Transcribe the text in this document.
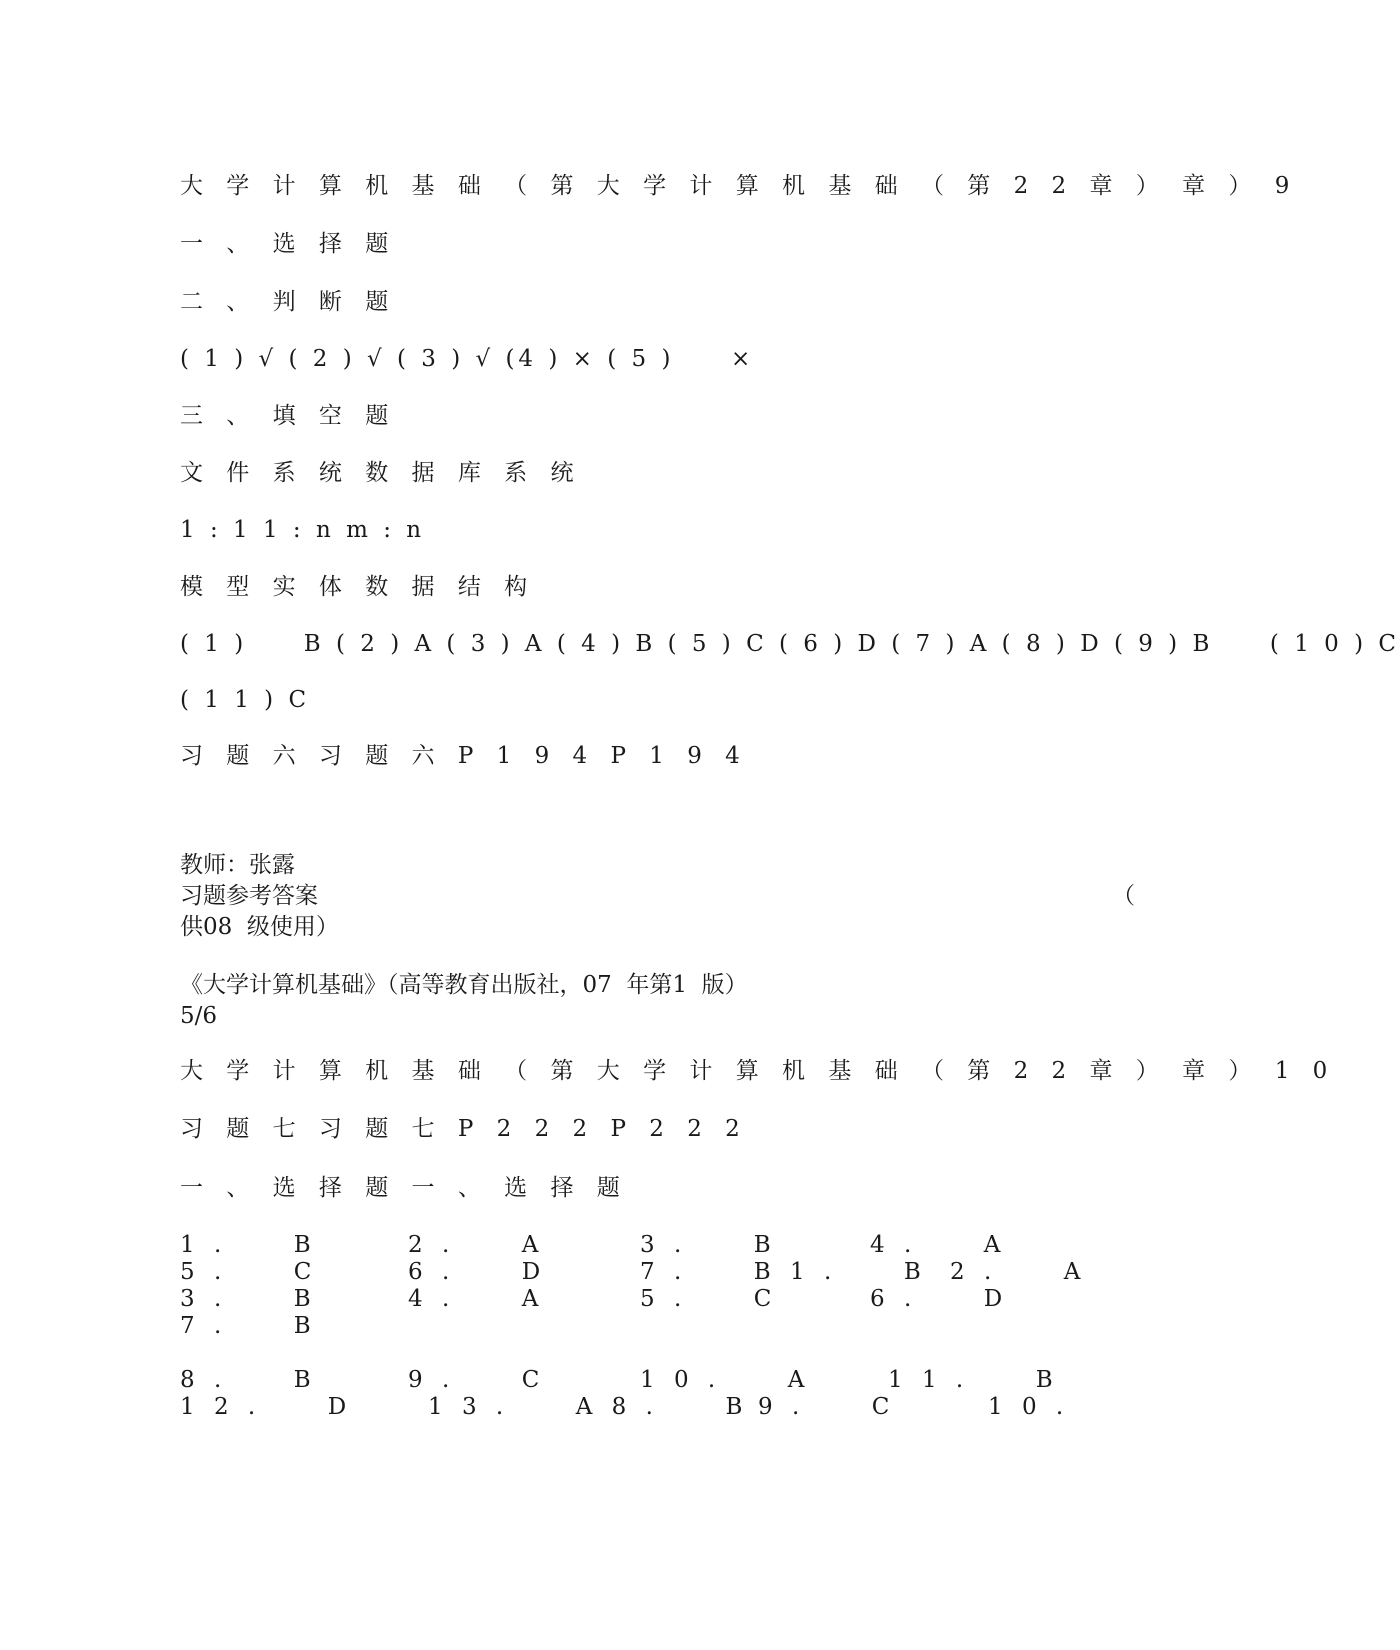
大 学 计 算 机 基 础 （ 第 大 学 计 算 机 基 础 （ 第 2 2 章 ） 章 ） 9
一 、 选 择 题
二 、 判 断 题
( 1 ) √ ( 2 ) √ ( 3 ) √ (4 ) × ( 5 )     ×
三 、 填 空 题
文 件 系 统 数 据 库 系 统
1 : 1 1 : n m : n
模 型 实 体 数 据 结 构
( 1 )     B ( 2 ) A ( 3 ) A ( 4 ) B ( 5 ) C ( 6 ) D ( 7 ) A ( 8 ) D ( 9 ) B     ( 1 0 ) C
( 1 1 ) C
习 题 六 习 题 六 P 1 9 4 P 1 9 4
教师：张露
习题参考答案	（
供08  级使用）
《大学计算机基础》（高等教育出版社，07  年第1  版）
5/6
大 学 计 算 机 基 础 （ 第 大 学 计 算 机 基 础 （ 第 2 2 章 ） 章 ） 1 0
习 题 七 习 题 七 P 2 2 2 P 2 2 2
一 、 选 择 题 一 、 选 择 题
1 .     B	2 .     A	3 .     B	4 .     A
5 .     C	6 .     D	7 .     B 1 .     B 2 .     A
3 .     B	4 .     A	5 .     C	6 .     D
7 .     B
8 .     B	9 .     C	1 0 .     A	1 1 .     B
1 2 .     D	1 3 .     A 8 .     B 9 .     C	1 0 .
